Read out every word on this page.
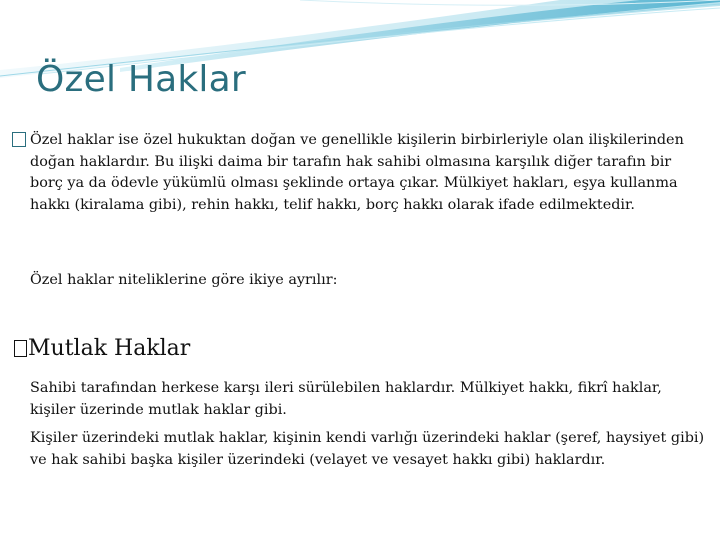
Özel Haklar
Özel haklar ise özel hukuktan doğan ve genellikle kişilerin birbirleriyle olan ilişkilerinden doğan haklardır. Bu ilişki daima bir tarafın hak sahibi olmasına karşılık diğer tarafın bir borç ya da ödevle yükümlü olması şeklinde ortaya çıkar. Mülkiyet hakları, eşya kullanma hakkı (kiralama gibi), rehin hakkı, telif hakkı, borç hakkı olarak ifade edilmektedir.
Özel haklar niteliklerine göre ikiye ayrılır:
Mutlak Haklar
Sahibi tarafından herkese karşı ileri sürülebilen haklardır. Mülkiyet hakkı, fikrî haklar, kişiler üzerinde mutlak haklar gibi.
Kişiler üzerindeki mutlak haklar, kişinin kendi varlığı üzerindeki haklar (şeref, haysiyet gibi) ve hak sahibi başka kişiler üzerindeki (velayet ve vesayet hakkı gibi) haklardır.
